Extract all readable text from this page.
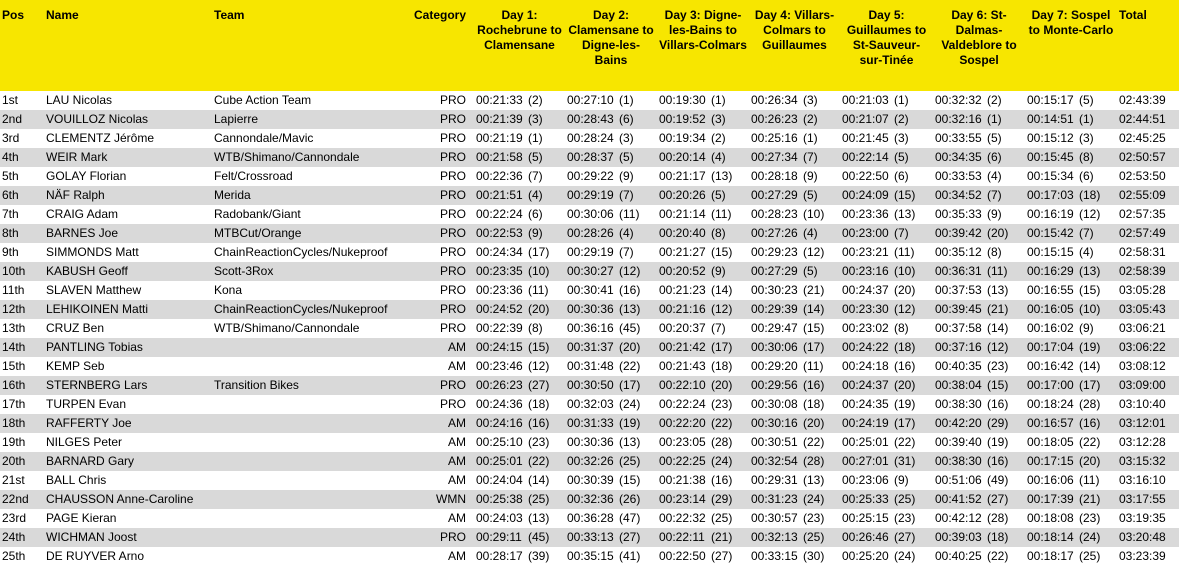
Pos	Name	Team	Category	Day 1: Rochebrune to Clamensane	Day 2: Clamensane to Digne-les-Bains	Day 3: Digne-les-Bains to Villars-Colmars	Day 4: Villars-Colmars to Guillaumes	Day 5: Guillaumes to St-Sauveur-sur-Tinée	Day 6: St-Dalmas-Valdeblore to Sospel	Day 7: Sospel to Monte-Carlo	Total
1st	LAU Nicolas	Cube Action Team	PRO	00:21:33 (2)	00:27:10 (1)	00:19:30 (1)	00:26:34 (3)	00:21:03 (1)	00:32:32 (2)	00:15:17 (5)	02:43:39
2nd	VOUILLOZ Nicolas	Lapierre	PRO	00:21:39 (3)	00:28:43 (6)	00:19:52 (3)	00:26:23 (2)	00:21:07 (2)	00:32:16 (1)	00:14:51 (1)	02:44:51
3rd	CLEMENTZ Jérôme	Cannondale/Mavic	PRO	00:21:19 (1)	00:28:24 (3)	00:19:34 (2)	00:25:16 (1)	00:21:45 (3)	00:33:55 (5)	00:15:12 (3)	02:45:25
4th	WEIR Mark	WTB/Shimano/Cannondale	PRO	00:21:58 (5)	00:28:37 (5)	00:20:14 (4)	00:27:34 (7)	00:22:14 (5)	00:34:35 (6)	00:15:45 (8)	02:50:57
5th	GOLAY Florian	Felt/Crossroad	PRO	00:22:36 (7)	00:29:22 (9)	00:21:17 (13)	00:28:18 (9)	00:22:50 (6)	00:33:53 (4)	00:15:34 (6)	02:53:50
6th	NÄF Ralph	Merida	PRO	00:21:51 (4)	00:29:19 (7)	00:20:26 (5)	00:27:29 (5)	00:24:09 (15)	00:34:52 (7)	00:17:03 (18)	02:55:09
7th	CRAIG Adam	Radobank/Giant	PRO	00:22:24 (6)	00:30:06 (11)	00:21:14 (11)	00:28:23 (10)	00:23:36 (13)	00:35:33 (9)	00:16:19 (12)	02:57:35
8th	BARNES Joe	MTBCut/Orange	PRO	00:22:53 (9)	00:28:26 (4)	00:20:40 (8)	00:27:26 (4)	00:23:00 (7)	00:39:42 (20)	00:15:42 (7)	02:57:49
9th	SIMMONDS Matt	ChainReactionCycles/Nukeproof	PRO	00:24:34 (17)	00:29:19 (7)	00:21:27 (15)	00:29:23 (12)	00:23:21 (11)	00:35:12 (8)	00:15:15 (4)	02:58:31
10th	KABUSH Geoff	Scott-3Rox	PRO	00:23:35 (10)	00:30:27 (12)	00:20:52 (9)	00:27:29 (5)	00:23:16 (10)	00:36:31 (11)	00:16:29 (13)	02:58:39
11th	SLAVEN Matthew	Kona	PRO	00:23:36 (11)	00:30:41 (16)	00:21:23 (14)	00:30:23 (21)	00:24:37 (20)	00:37:53 (13)	00:16:55 (15)	03:05:28
12th	LEHIKOINEN Matti	ChainReactionCycles/Nukeproof	PRO	00:24:52 (20)	00:30:36 (13)	00:21:16 (12)	00:29:39 (14)	00:23:30 (12)	00:39:45 (21)	00:16:05 (10)	03:05:43
13th	CRUZ Ben	WTB/Shimano/Cannondale	PRO	00:22:39 (8)	00:36:16 (45)	00:20:37 (7)	00:29:47 (15)	00:23:02 (8)	00:37:58 (14)	00:16:02 (9)	03:06:21
14th	PANTLING Tobias		AM	00:24:15 (15)	00:31:37 (20)	00:21:42 (17)	00:30:06 (17)	00:24:22 (18)	00:37:16 (12)	00:17:04 (19)	03:06:22
15th	KEMP Seb		AM	00:23:46 (12)	00:31:48 (22)	00:21:43 (18)	00:29:20 (11)	00:24:18 (16)	00:40:35 (23)	00:16:42 (14)	03:08:12
16th	STERNBERG Lars	Transition Bikes	PRO	00:26:23 (27)	00:30:50 (17)	00:22:10 (20)	00:29:56 (16)	00:24:37 (20)	00:38:04 (15)	00:17:00 (17)	03:09:00
17th	TURPEN Evan		PRO	00:24:36 (18)	00:32:03 (24)	00:22:24 (23)	00:30:08 (18)	00:24:35 (19)	00:38:30 (16)	00:18:24 (28)	03:10:40
18th	RAFFERTY Joe		AM	00:24:16 (16)	00:31:33 (19)	00:22:20 (22)	00:30:16 (20)	00:24:19 (17)	00:42:20 (29)	00:16:57 (16)	03:12:01
19th	NILGES Peter		AM	00:25:10 (23)	00:30:36 (13)	00:23:05 (28)	00:30:51 (22)	00:25:01 (22)	00:39:40 (19)	00:18:05 (22)	03:12:28
20th	BARNARD Gary		AM	00:25:01 (22)	00:32:26 (25)	00:22:25 (24)	00:32:54 (28)	00:27:01 (31)	00:38:30 (16)	00:17:15 (20)	03:15:32
21st	BALL Chris		AM	00:24:04 (14)	00:30:39 (15)	00:21:38 (16)	00:29:31 (13)	00:23:06 (9)	00:51:06 (49)	00:16:06 (11)	03:16:10
22nd	CHAUSSON Anne-Caroline		WMN	00:25:38 (25)	00:32:36 (26)	00:23:14 (29)	00:31:23 (24)	00:25:33 (25)	00:41:52 (27)	00:17:39 (21)	03:17:55
23rd	PAGE Kieran		AM	00:24:03 (13)	00:36:28 (47)	00:22:32 (25)	00:30:57 (23)	00:25:15 (23)	00:42:12 (28)	00:18:08 (23)	03:19:35
24th	WICHMAN Joost		PRO	00:29:11 (45)	00:33:13 (27)	00:22:11 (21)	00:32:13 (25)	00:26:46 (27)	00:39:03 (18)	00:18:14 (24)	03:20:48
25th	DE RUYVER Arno		AM	00:28:17 (39)	00:35:15 (41)	00:22:50 (27)	00:33:15 (30)	00:25:20 (24)	00:40:25 (22)	00:18:17 (25)	03:23:39
